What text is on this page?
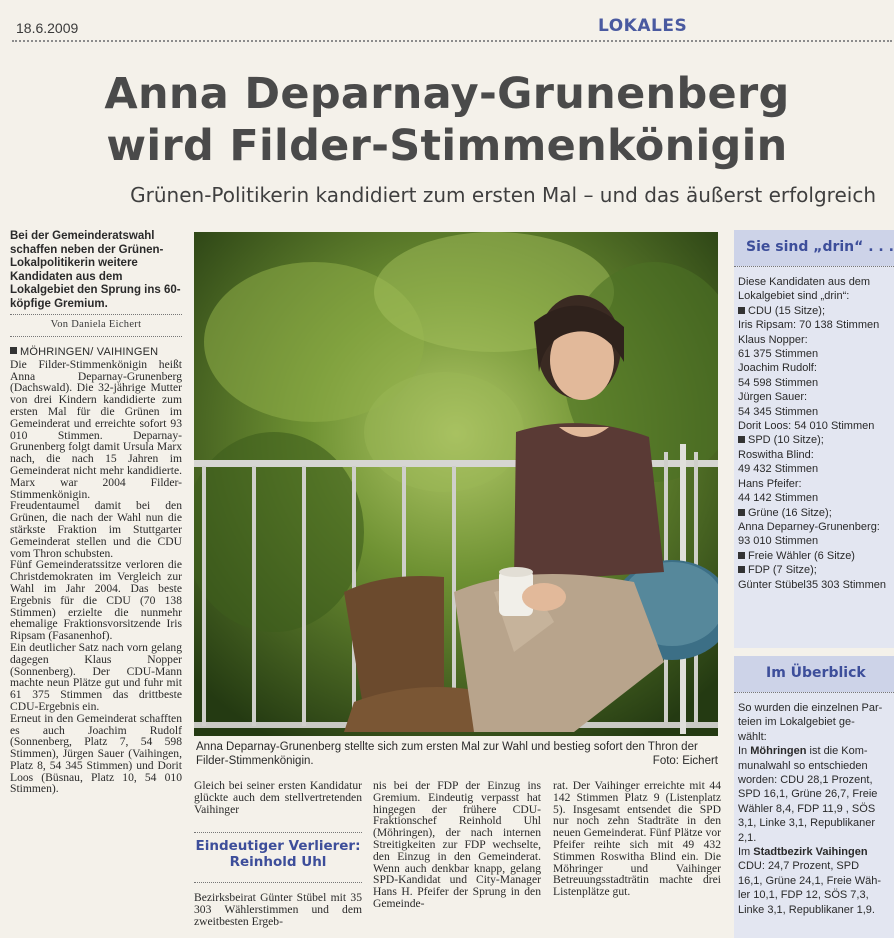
18.6.2009	LOKALES
Anna Deparnay-Grunenberg
wird Filder-Stimmenkönigin
Grünen-Politikerin kandidiert zum ersten Mal – und das äußerst erfolgreich
Bei der Gemeinderatswahl schaffen neben der Grünen-Lokalpolitikerin weitere Kandidaten aus dem Lokalgebiet den Sprung ins 60-köpfige Gremium.
Von Daniela Eichert

MÖHRINGEN/ VAIHINGEN

Die Filder-Stimmenkönigin heißt Anna Deparnay-Grunenberg (Dachswald). Die 32-jährige Mutter von drei Kindern kandidierte zum ersten Mal für die Grünen im Gemeinderat und erreichte sofort 93 010 Stimmen. Deparnay-Grunenberg folgt damit Ursula Marx nach, die nach 15 Jahren im Gemeinderat nicht mehr kandidierte. Marx war 2004 Filder-Stimmenkönigin.

Freudentaumel damit bei den Grünen, die nach der Wahl nun die stärkste Fraktion im Stuttgarter Gemeinderat stellen und die CDU vom Thron schubsten.

Fünf Gemeinderatssitze verloren die Christdemokraten im Vergleich zur Wahl im Jahr 2004. Das beste Ergebnis für die CDU (70 138 Stimmen) erzielte die nunmehr ehemalige Fraktionsvorsitzende Iris Ripsam (Fasanenhof).

Ein deutlicher Satz nach vorn gelang dagegen Klaus Nopper (Sonnenberg). Der CDU-Mann machte neun Plätze gut und fuhr mit 61 375 Stimmen das drittbeste CDU-Ergebnis ein.

Erneut in den Gemeinderat schafften es auch Joachim Rudolf (Sonnenberg, Platz 7, 54 598 Stimmen), Jürgen Sauer (Vaihingen, Platz 8, 54 345 Stimmen) und Dorit Loos (Büsnau, Platz 10, 54 010 Stimmen).

Anna Deparnay-Grunenberg stellte sich zum ersten Mal zur Wahl und bestieg sofort den Thron der Filder-Stimmenkönigin.	Foto: Eichert
Gleich bei seiner ersten Kandidatur glückte auch dem stellvertretenden Vaihinger
Eindeutiger Verlierer: Reinhold Uhl
Bezirksbeirat Günter Stübel mit 35 303 Wählerstimmen und dem zweitbesten Ergeb-
nis bei der FDP der Einzug ins Gremium. Eindeutig verpasst hat hingegen der frühere CDU-Fraktionschef Reinhold Uhl (Möhringen), der nach internen Streitigkeiten zur FDP wechselte, den Einzug in den Gemeinderat. Wenn auch denkbar knapp, gelang SPD-Kandidat und City-Manager Hans H. Pfeifer der Sprung in den Gemeinde-
rat. Der Vaihinger erreichte mit 44 142 Stimmen Platz 9 (Listenplatz 5). Insgesamt entsendet die SPD nur noch zehn Stadträte in den neuen Gemeinderat. Fünf Plätze vor Pfeifer reihte sich mit 49 432 Stimmen Roswitha Blind ein. Die Möhringer und Vaihinger Betreuungsstadträtin machte drei Listenplätze gut.
Sie sind „drin“ . . .
Diese Kandidaten aus dem
Lokalgebiet sind „drin“:
CDU (15 Sitze);
Iris Ripsam: 70 138 Stimmen
Klaus Nopper:
61 375 Stimmen
Joachim Rudolf:
54 598 Stimmen
Jürgen Sauer:
54 345 Stimmen
Dorit Loos: 54 010 Stimmen
SPD (10 Sitze);
Roswitha Blind:
49 432 Stimmen
Hans Pfeifer:
44 142 Stimmen
Grüne (16 Sitze);
Anna Deparney-Grunenberg: 93 010 Stimmen
Freie Wähler (6 Sitze)
FDP (7 Sitze);
Günter Stübel35 303 Stimmen
Im Überblick
So wurden die einzelnen Par-
teien im Lokalgebiet ge-
wählt:
In Möhringen ist die Kom-
munalwahl so entschieden
worden: CDU 28,1 Prozent,
SPD 16,1, Grüne 26,7, Freie
Wähler 8,4, FDP 11,9 , SÖS
3,1, Linke 3,1, Republikaner
2,1.
Im Stadtbezirk Vaihingen
CDU: 24,7 Prozent, SPD
16,1, Grüne 24,1, Freie Wäh-
ler 10,1, FDP 12, SÖS 7,3,
Linke 3,1, Republikaner 1,9.
